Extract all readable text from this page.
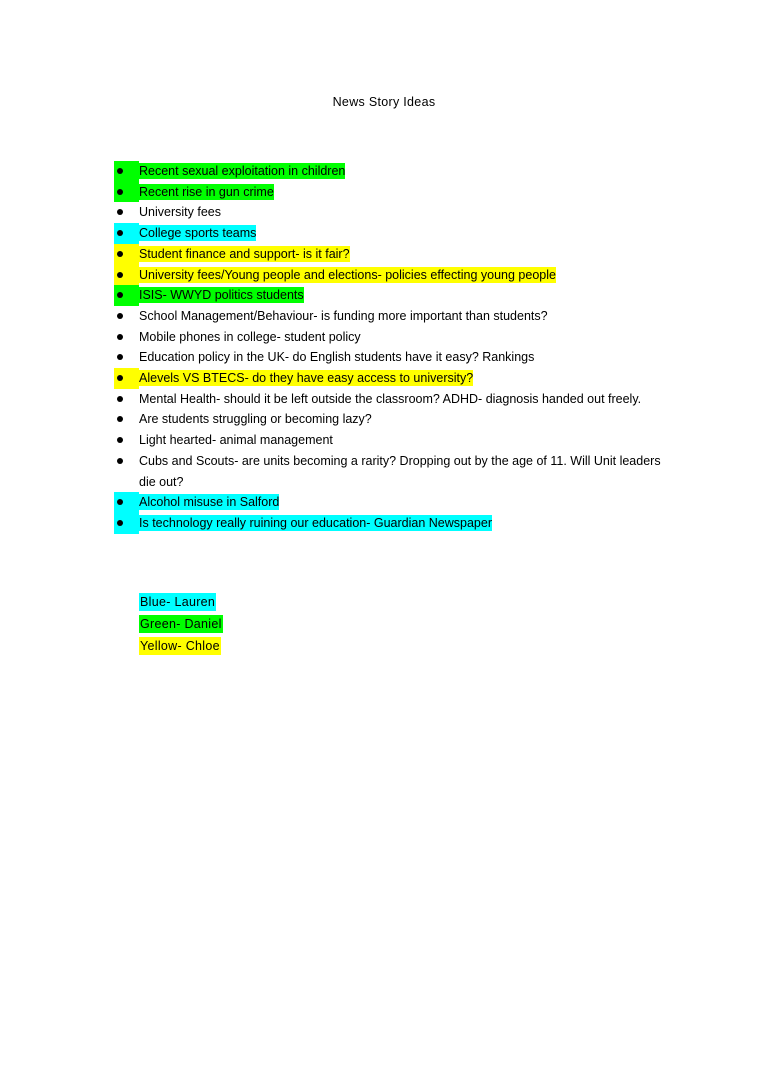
News Story Ideas
Recent sexual exploitation in children
Recent rise in gun crime
University fees
College sports teams
Student finance and support- is it fair?
University fees/Young people and elections- policies effecting young people
ISIS- WWYD politics students
School Management/Behaviour- is funding more important than students?
Mobile phones in college- student policy
Education policy in the UK- do English students have it easy? Rankings
Alevels VS BTECS- do they have easy access to university?
Mental Health- should it be left outside the classroom? ADHD- diagnosis handed out freely.
Are students struggling or becoming lazy?
Light hearted- animal management
Cubs and Scouts- are units becoming a rarity? Dropping out by the age of 11. Will Unit leaders die out?
Alcohol misuse in Salford
Is technology really ruining our education- Guardian Newspaper
Blue- Lauren
Green- Daniel
Yellow- Chloe
